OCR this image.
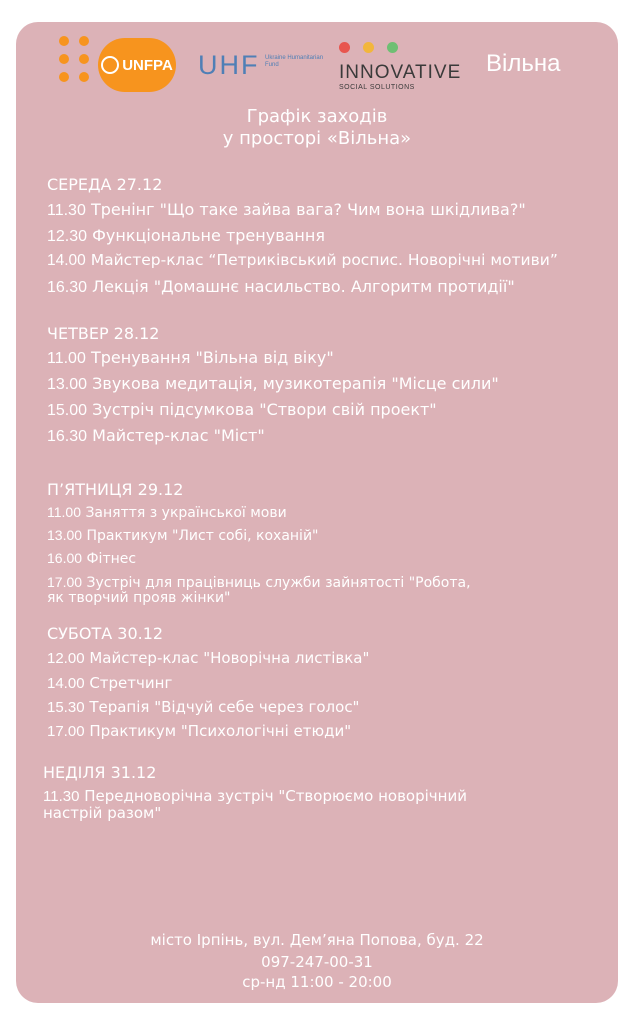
UNFPA UHF Ukraine Humanitarian Fund	INNOVATIVE
SOCIAL SOLUTIONS
Вільна
Графік заходів
у просторі «Вільна»
СЕРЕДА 27.12
11.30 Тренінг "Що таке зайва вага? Чим вона шкідлива?"
12.30 Функціональне тренування
14.00 Майстер-клас “Петриківський роспис. Новорічні мотиви”
16.30 Лекція "Домашнє насильство. Алгоритм протидії"
ЧЕТВЕР 28.12
11.00 Тренування "Вільна від віку"
13.00 Звукова медитація, музикотерапія "Місце сили"
15.00 Зустріч підсумкова "Створи свій проект"
16.30 Майстер-клас "Міст"
П’ЯТНИЦЯ 29.12
11.00 Заняття з української мови
13.00 Практикум "Лист собі, коханій"
16.00 Фітнес
17.00 Зустріч для працівниць служби зайнятості "Робота,
як творчий прояв жінки"
СУБОТА 30.12
12.00 Майстер-клас "Новорічна листівка"
14.00 Стретчинг
15.30 Терапія "Відчуй себе через голос"
17.00 Практикум "Психологічні етюди"
НЕДІЛЯ 31.12
11.30 Передноворічна зустріч "Створюємо новорічний
настрій разом"
місто Ірпінь, вул. Дем’яна Попова, буд. 22
097-247-00-31
ср-нд 11:00 - 20:00
